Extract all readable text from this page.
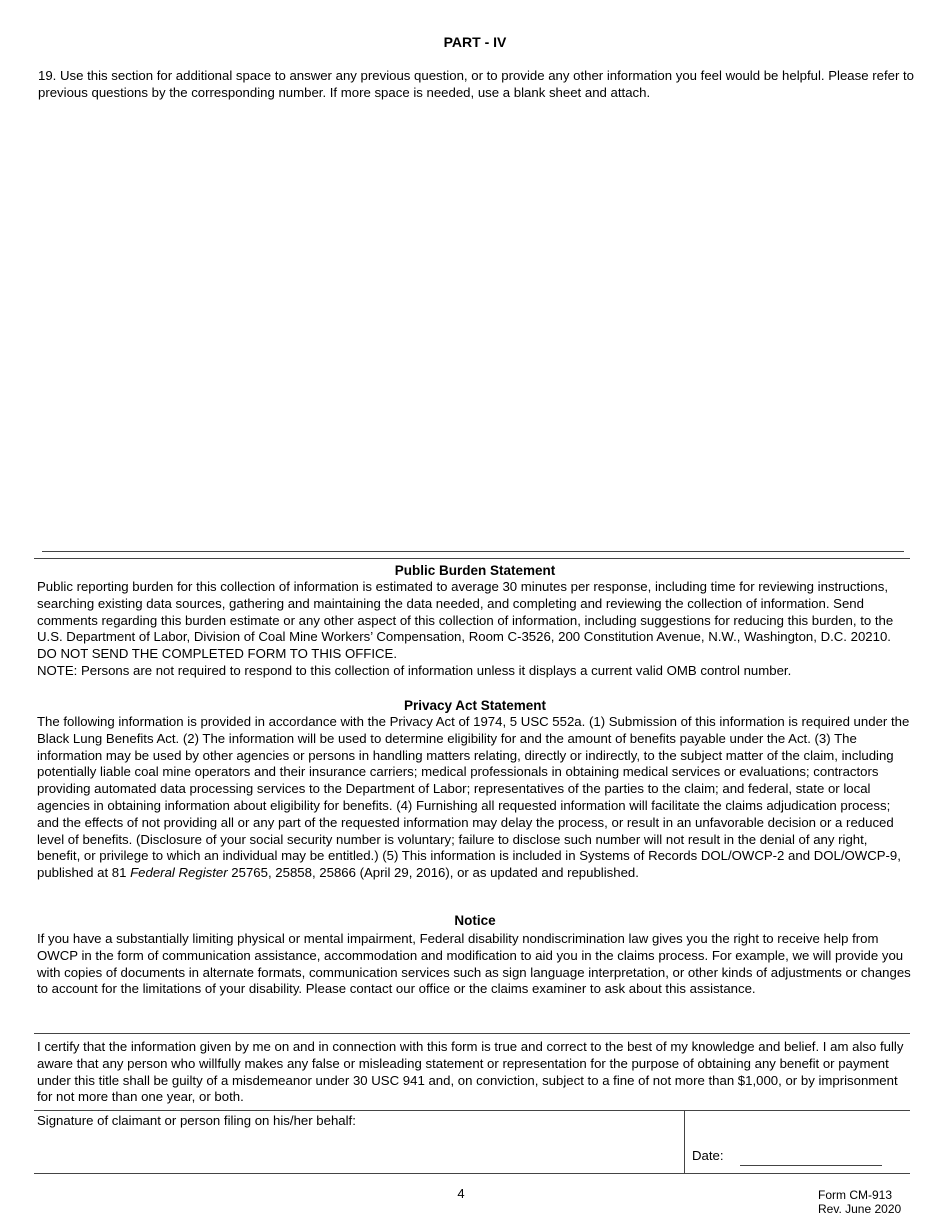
PART - IV
19. Use this section for additional space to answer any previous question, or to provide any other information you feel would be helpful. Please refer to previous questions by the corresponding number. If more space is needed, use a blank sheet and attach.
Public Burden Statement
Public reporting burden for this collection of information is estimated to average 30 minutes per response, including time for reviewing instructions, searching existing data sources, gathering and maintaining the data needed, and completing and reviewing the collection of information. Send comments regarding this burden estimate or any other aspect of this collection of information, including suggestions for reducing this burden, to the U.S. Department of Labor, Division of Coal Mine Workers’ Compensation, Room C-3526, 200 Constitution Avenue, N.W., Washington, D.C. 20210. DO NOT SEND THE COMPLETED FORM TO THIS OFFICE.
NOTE: Persons are not required to respond to this collection of information unless it displays a current valid OMB control number.
Privacy Act Statement
The following information is provided in accordance with the Privacy Act of 1974, 5 USC 552a. (1) Submission of this information is required under the Black Lung Benefits Act. (2) The information will be used to determine eligibility for and the amount of benefits payable under the Act. (3) The information may be used by other agencies or persons in handling matters relating, directly or indirectly, to the subject matter of the claim, including potentially liable coal mine operators and their insurance carriers; medical professionals in obtaining medical services or evaluations; contractors providing automated data processing services to the Department of Labor; representatives of the parties to the claim; and federal, state or local agencies in obtaining information about eligibility for benefits. (4) Furnishing all requested information will facilitate the claims adjudication process; and the effects of not providing all or any part of the requested information may delay the process, or result in an unfavorable decision or a reduced level of benefits. (Disclosure of your social security number is voluntary; failure to disclose such number will not result in the denial of any right, benefit, or privilege to which an individual may be entitled.) (5) This information is included in Systems of Records DOL/OWCP-2 and DOL/OWCP-9, published at 81 Federal Register 25765, 25858, 25866 (April 29, 2016), or as updated and republished.
Notice
If you have a substantially limiting physical or mental impairment, Federal disability nondiscrimination law gives you the right to receive help from OWCP in the form of communication assistance, accommodation and modification to aid you in the claims process. For example, we will provide you with copies of documents in alternate formats, communication services such as sign language interpretation, or other kinds of adjustments or changes to account for the limitations of your disability. Please contact our office or the claims examiner to ask about this assistance.
I certify that the information given by me on and in connection with this form is true and correct to the best of my knowledge and belief. I am also fully aware that any person who willfully makes any false or misleading statement or representation for the purpose of obtaining any benefit or payment under this title shall be guilty of a misdemeanor under 30 USC 941 and, on conviction, subject to a fine of not more than $1,000, or by imprisonment for not more than one year, or both.
Signature of claimant or person filing on his/her behalf:
Date:
4	Form CM-913
Rev. June 2020
